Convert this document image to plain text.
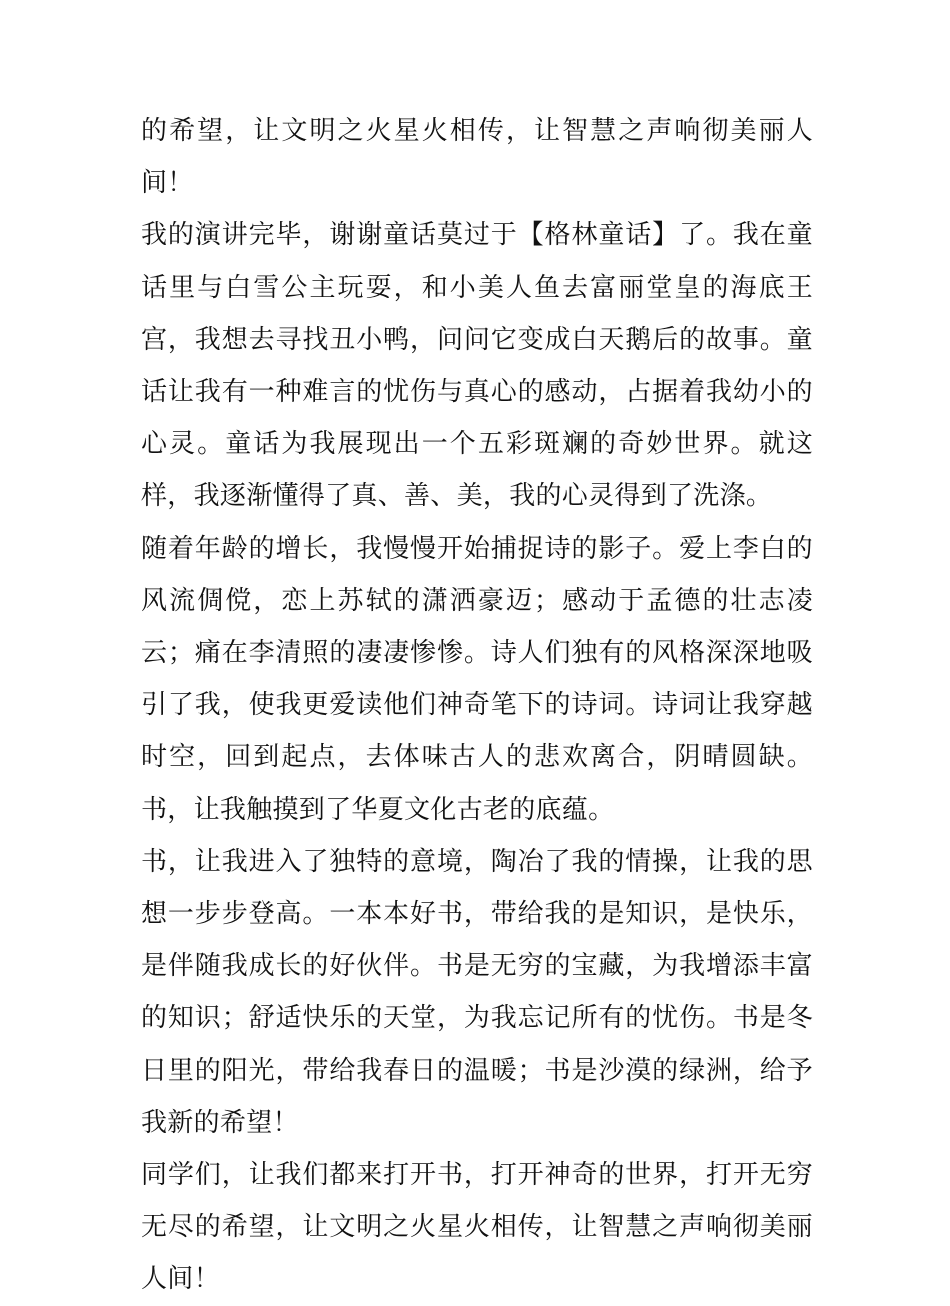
的希望，让文明之火星火相传，让智慧之声响彻美丽人间！

我的演讲完毕，谢谢童话莫过于【格林童话】了。我在童话里与白雪公主玩耍，和小美人鱼去富丽堂皇的海底王宫，我想去寻找丑小鸭，问问它变成白天鹅后的故事。童话让我有一种难言的忧伤与真心的感动，占据着我幼小的心灵。童话为我展现出一个五彩斑斓的奇妙世界。就这样，我逐渐懂得了真、善、美，我的心灵得到了洗涤。

随着年龄的增长，我慢慢开始捕捉诗的影子。爱上李白的风流倜傥，恋上苏轼的潇洒豪迈；感动于孟德的壮志凌云；痛在李清照的凄凄惨惨。诗人们独有的风格深深地吸引了我，使我更爱读他们神奇笔下的诗词。诗词让我穿越时空，回到起点，去体味古人的悲欢离合，阴晴圆缺。书，让我触摸到了华夏文化古老的底蕴。

书，让我进入了独特的意境，陶冶了我的情操，让我的思想一步步登高。一本本好书，带给我的是知识，是快乐，是伴随我成长的好伙伴。书是无穷的宝藏，为我增添丰富的知识；舒适快乐的天堂，为我忘记所有的忧伤。书是冬日里的阳光，带给我春日的温暖；书是沙漠的绿洲，给予我新的希望！

同学们，让我们都来打开书，打开神奇的世界，打开无穷无尽的希望，让文明之火星火相传，让智慧之声响彻美丽人间！
